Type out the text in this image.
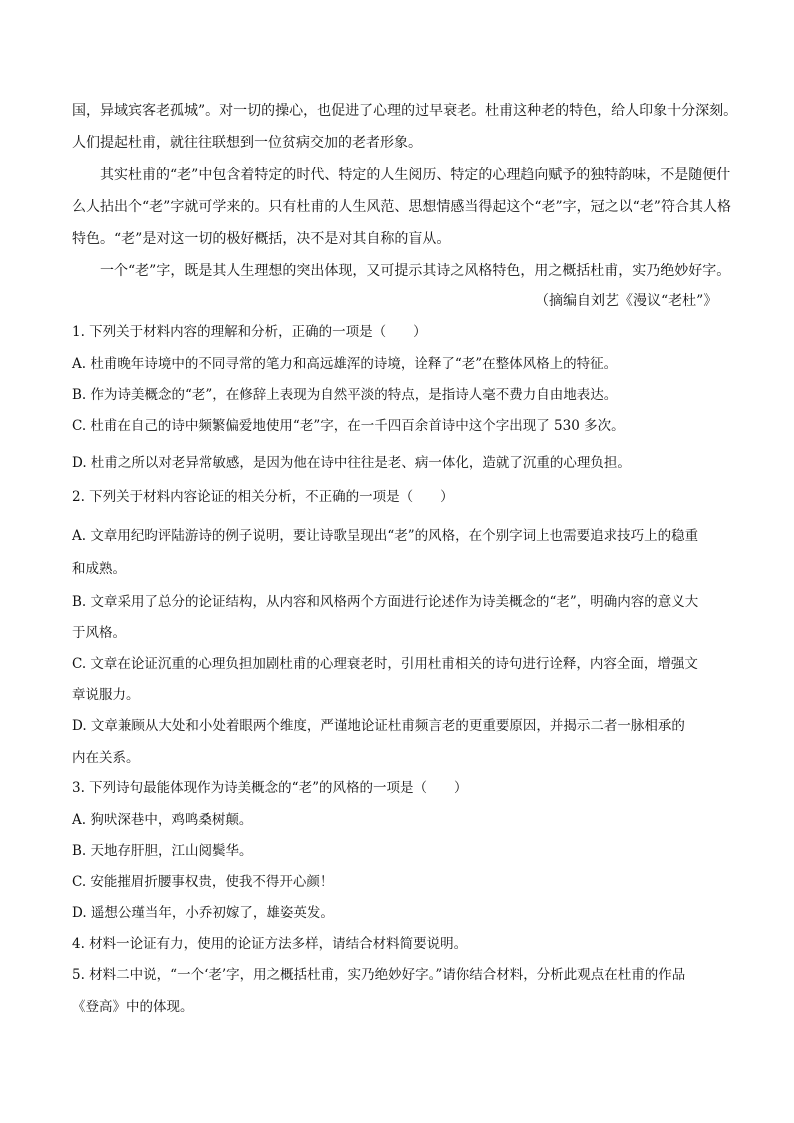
国，异域宾客老孤城”。对一切的操心，也促进了心理的过早衰老。杜甫这种老的特色，给人印象十分深刻。
人们提起杜甫，就往往联想到一位贫病交加的老者形象。
其实杜甫的“老”中包含着特定的时代、特定的人生阅历、特定的心理趋向赋予的独特韵味，不是随便什
么人拈出个“老”字就可学来的。只有杜甫的人生风范、思想情感当得起这个“老”字，冠之以“老”符合其人格
特色。“老”是对这一切的极好概括，决不是对其自称的盲从。
一个“老”字，既是其人生理想的突出体现，又可提示其诗之风格特色，用之概括杜甫，实乃绝妙好字。
（摘编自刘艺《漫议“老杜”》
1. 下列关于材料内容的理解和分析，正确的一项是（　　）
A. 杜甫晚年诗境中的不同寻常的笔力和高远雄浑的诗境，诠释了“老”在整体风格上的特征。
B. 作为诗美概念的“老”，在修辞上表现为自然平淡的特点，是指诗人毫不费力自由地表达。
C. 杜甫在自己的诗中频繁偏爱地使用“老”字，在一千四百余首诗中这个字出现了 530 多次。
D. 杜甫之所以对老异常敏感，是因为他在诗中往往是老、病一体化，造就了沉重的心理负担。
2. 下列关于材料内容论证的相关分析，不正确的一项是（　　）
A. 文章用纪昀评陆游诗的例子说明，要让诗歌呈现出“老”的风格，在个别字词上也需要追求技巧上的稳重
和成熟。
B. 文章采用了总分的论证结构，从内容和风格两个方面进行论述作为诗美概念的“老”，明确内容的意义大
于风格。
C. 文章在论证沉重的心理负担加剧杜甫的心理衰老时，引用杜甫相关的诗句进行诠释，内容全面，增强文
章说服力。
D. 文章兼顾从大处和小处着眼两个维度，严谨地论证杜甫频言老的更重要原因，并揭示二者一脉相承的
内在关系。
3. 下列诗句最能体现作为诗美概念的“老”的风格的一项是（　　）
A. 狗吠深巷中，鸡鸣桑树颠。
B. 天地存肝胆，江山阅鬓华。
C. 安能摧眉折腰事权贵，使我不得开心颜！
D. 遥想公瑾当年，小乔初嫁了，雄姿英发。
4. 材料一论证有力，使用的论证方法多样，请结合材料简要说明。
5. 材料二中说，“一个‘老’字，用之概括杜甫，实乃绝妙好字。”请你结合材料，分析此观点在杜甫的作品
《登高》中的体现。
